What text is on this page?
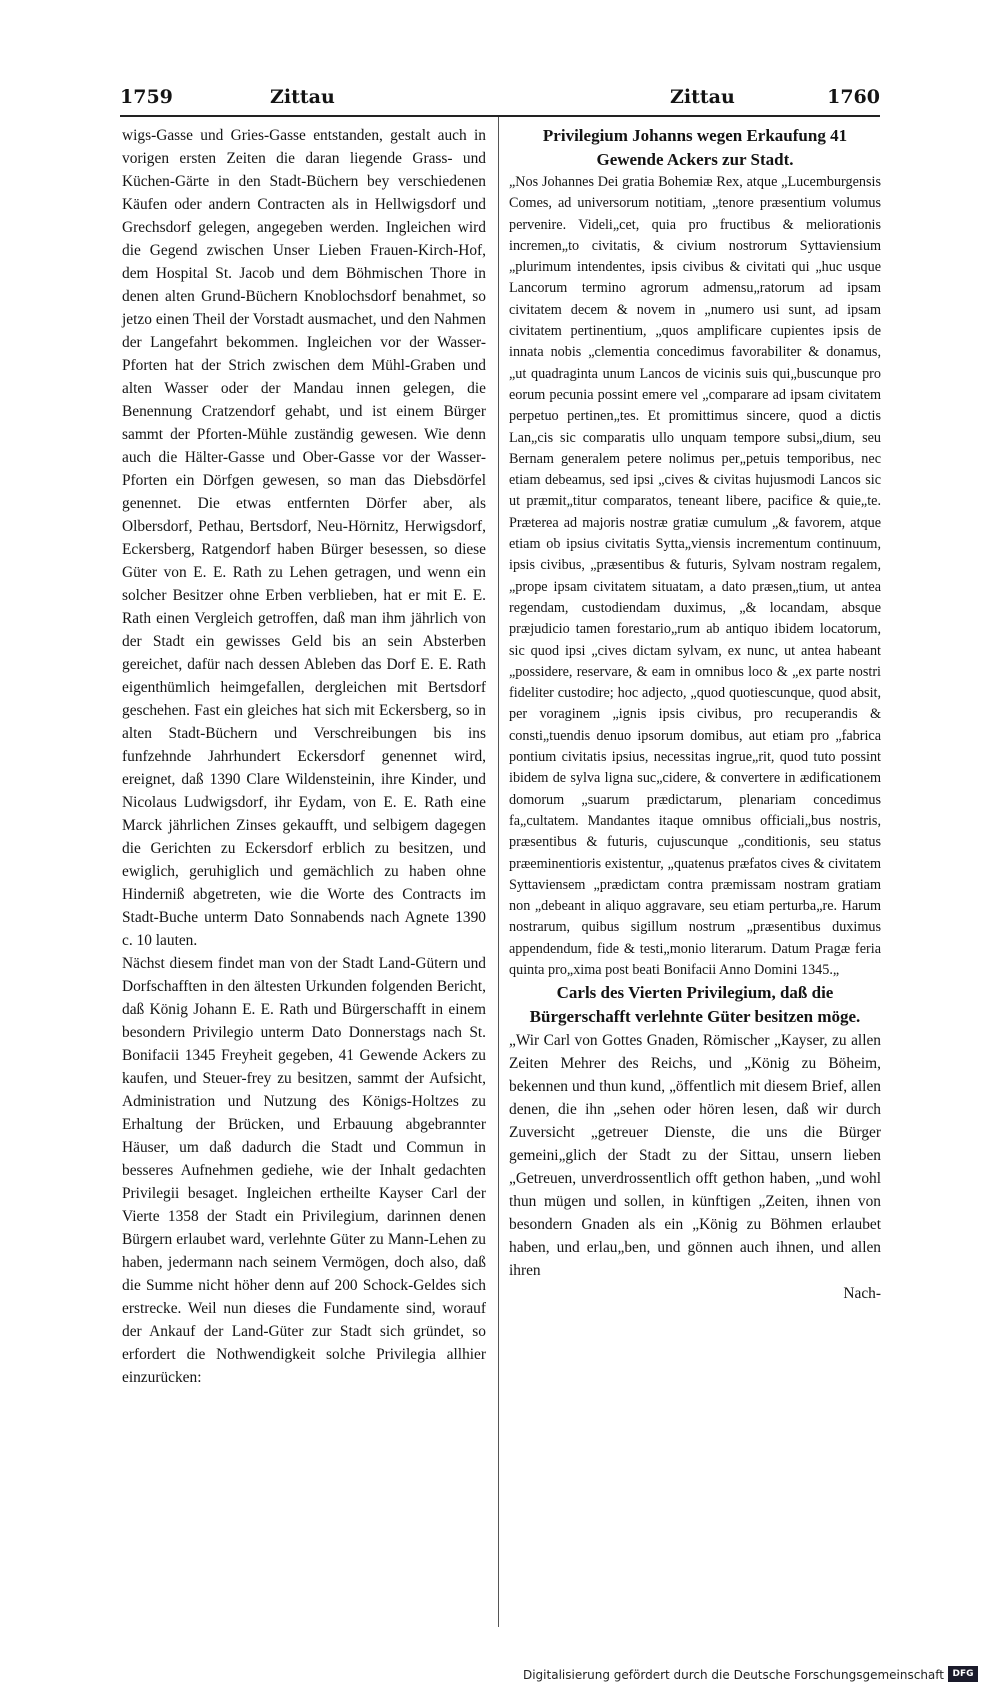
1759	Zittau	Zittau	1760

wigs-Gasse und Gries-Gasse entstanden, gestalt auch in vorigen ersten Zeiten die daran liegende Grass- und Küchen-Gärte in den Stadt-Büchern bey verschiedenen Käufen oder andern Contracten als in Hellwigsdorf und Grechsdorf gelegen, angegeben werden. Ingleichen wird die Gegend zwischen Unser Lieben Frauen-Kirch-Hof, dem Hospital St. Jacob und dem Böhmischen Thore in denen alten Grund-Büchern Knoblochsdorf benahmet, so jetzo einen Theil der Vorstadt ausmachet, und den Nahmen der Langefahrt bekommen. Ingleichen vor der Wasser-Pforten hat der Strich zwischen dem Mühl-Graben und alten Wasser oder der Mandau innen gelegen, die Benennung Cratzendorf gehabt, und ist einem Bürger sammt der Pforten-Mühle zuständig gewesen. Wie denn auch die Hälter-Gasse und Ober-Gasse vor der Wasser-Pforten ein Dörfgen gewesen, so man das Diebsdörfel genennet. Die etwas entfernten Dörfer aber, als Olbersdorf, Pethau, Bertsdorf, Neu-Hörnitz, Herwigsdorf, Eckersberg, Ratgendorf haben Bürger besessen, so diese Güter von E. E. Rath zu Lehen getragen, und wenn ein solcher Besitzer ohne Erben verblieben, hat er mit E. E. Rath einen Vergleich getroffen, daß man ihm jährlich von der Stadt ein gewisses Geld bis an sein Absterben gereichet, dafür nach dessen Ableben das Dorf E. E. Rath eigenthümlich heimgefallen, dergleichen mit Bertsdorf geschehen. Fast ein gleiches hat sich mit Eckersberg, so in alten Stadt-Büchern und Verschreibungen bis ins funfzehnde Jahrhundert Eckersdorf genennet wird, ereignet, daß 1390 Clare Wildensteinin, ihre Kinder, und Nicolaus Ludwigsdorf, ihr Eydam, von E. E. Rath eine Marck jährlichen Zinses gekaufft, und selbigem dagegen die Gerichten zu Eckersdorf erblich zu besitzen, und ewiglich, geruhiglich und gemächlich zu haben ohne Hinderniß abgetreten, wie die Worte des Contracts im Stadt-Buche unterm Dato Sonnabends nach Agnete 1390 c. 10 lauten.

Nächst diesem findet man von der Stadt Land-Gütern und Dorfschafften in den ältesten Urkunden folgenden Bericht, daß König Johann E. E. Rath und Bürgerschafft in einem besondern Privilegio unterm Dato Donnerstags nach St. Bonifacii 1345 Freyheit gegeben, 41 Gewende Ackers zu kaufen, und Steuer-frey zu besitzen, sammt der Aufsicht, Administration und Nutzung des Königs-Holtzes zu Erhaltung der Brücken, und Erbauung abgebrannter Häuser, um daß dadurch die Stadt und Commun in besseres Aufnehmen gediehe, wie der Inhalt gedachten Privilegii besaget. Ingleichen ertheilte Kayser Carl der Vierte 1358 der Stadt ein Privilegium, darinnen denen Bürgern erlaubet ward, verlehnte Güter zu Mann-Lehen zu haben, jedermann nach seinem Vermögen, doch also, daß die Summe nicht höher denn auf 200 Schock-Geldes sich erstrecke. Weil nun dieses die Fundamente sind, worauf der Ankauf der Land-Güter zur Stadt sich gründet, so erfordert die Nothwendigkeit solche Privilegia allhier einzurücken:

Privilegium Johanns wegen Erkaufung 41 Gewende Ackers zur Stadt.

„Nos Johannes Dei gratia Bohemiæ Rex, atque „Lucemburgensis Comes, ad universorum notitiam, „tenore præsentium volumus pervenire. Videli„cet, quia pro fructibus & meliorationis incremen„to civitatis, & civium nostrorum Syttaviensium „plurimum intendentes, ipsis civibus & civitati qui „huc usque Lancorum termino agrorum admensu„ratorum ad ipsam civitatem decem & novem in „numero usi sunt, ad ipsam civitatem pertinentium, „quos amplificare cupientes ipsis de innata nobis „clementia concedimus favorabiliter & donamus, „ut quadraginta unum Lancos de vicinis suis qui„buscunque pro eorum pecunia possint emere vel „comparare ad ipsam civitatem perpetuo pertinen„tes. Et promittimus sincere, quod a dictis Lan„cis sic comparatis ullo unquam tempore subsi„dium, seu Bernam generalem petere nolimus per„petuis temporibus, nec etiam debeamus, sed ipsi „cives & civitas hujusmodi Lancos sic ut præmit„titur comparatos, teneant libere, pacifice & quie„te. Præterea ad majoris nostræ gratiæ cumulum „& favorem, atque etiam ob ipsius civitatis Sytta„viensis incrementum continuum, ipsis civibus, „præsentibus & futuris, Sylvam nostram regalem, „prope ipsam civitatem situatam, a dato præsen„tium, ut antea regendam, custodiendam duximus, „& locandam, absque præjudicio tamen forestario„rum ab antiquo ibidem locatorum, sic quod ipsi „cives dictam sylvam, ex nunc, ut antea habeant „possidere, reservare, & eam in omnibus loco & „ex parte nostri fideliter custodire; hoc adjecto, „quod quotiescunque, quod absit, per voraginem „ignis ipsis civibus, pro recuperandis & consti„tuendis denuo ipsorum domibus, aut etiam pro „fabrica pontium civitatis ipsius, necessitas ingrue„rit, quod tuto possint ibidem de sylva ligna suc„cidere, & convertere in ædificationem domorum „suarum prædictarum, plenariam concedimus fa„cultatem. Mandantes itaque omnibus officiali„bus nostris, præsentibus & futuris, cujuscunque „conditionis, seu status præeminentioris existentur, „quatenus præfatos cives & civitatem Syttaviensem „prædictam contra præmissam nostram gratiam non „debeant in aliquo aggravare, seu etiam perturba„re. Harum nostrarum, quibus sigillum nostrum „præsentibus duximus appendendum, fide & testi„monio literarum. Datum Pragæ feria quinta pro„xima post beati Bonifacii Anno Domini 1345.„

Carls des Vierten Privilegium, daß die Bürgerschafft verlehnte Güter besitzen möge.

„Wir Carl von Gottes Gnaden, Römischer „Kayser, zu allen Zeiten Mehrer des Reichs, und „König zu Böheim, bekennen und thun kund, „öffentlich mit diesem Brief, allen denen, die ihn „sehen oder hören lesen, daß wir durch Zuversicht „getreuer Dienste, die uns die Bürger gemeini„glich der Stadt zu der Sittau, unsern lieben „Getreuen, unverdrossentlich offt gethon haben, „und wohl thun mügen und sollen, in künftigen „Zeiten, ihnen von besondern Gnaden als ein „König zu Böhmen erlaubet haben, und erlau„ben, und gönnen auch ihnen, und allen ihren

Nach-

Digitalisierung gefördert durch die Deutsche Forschungsgemeinschaft DFG
